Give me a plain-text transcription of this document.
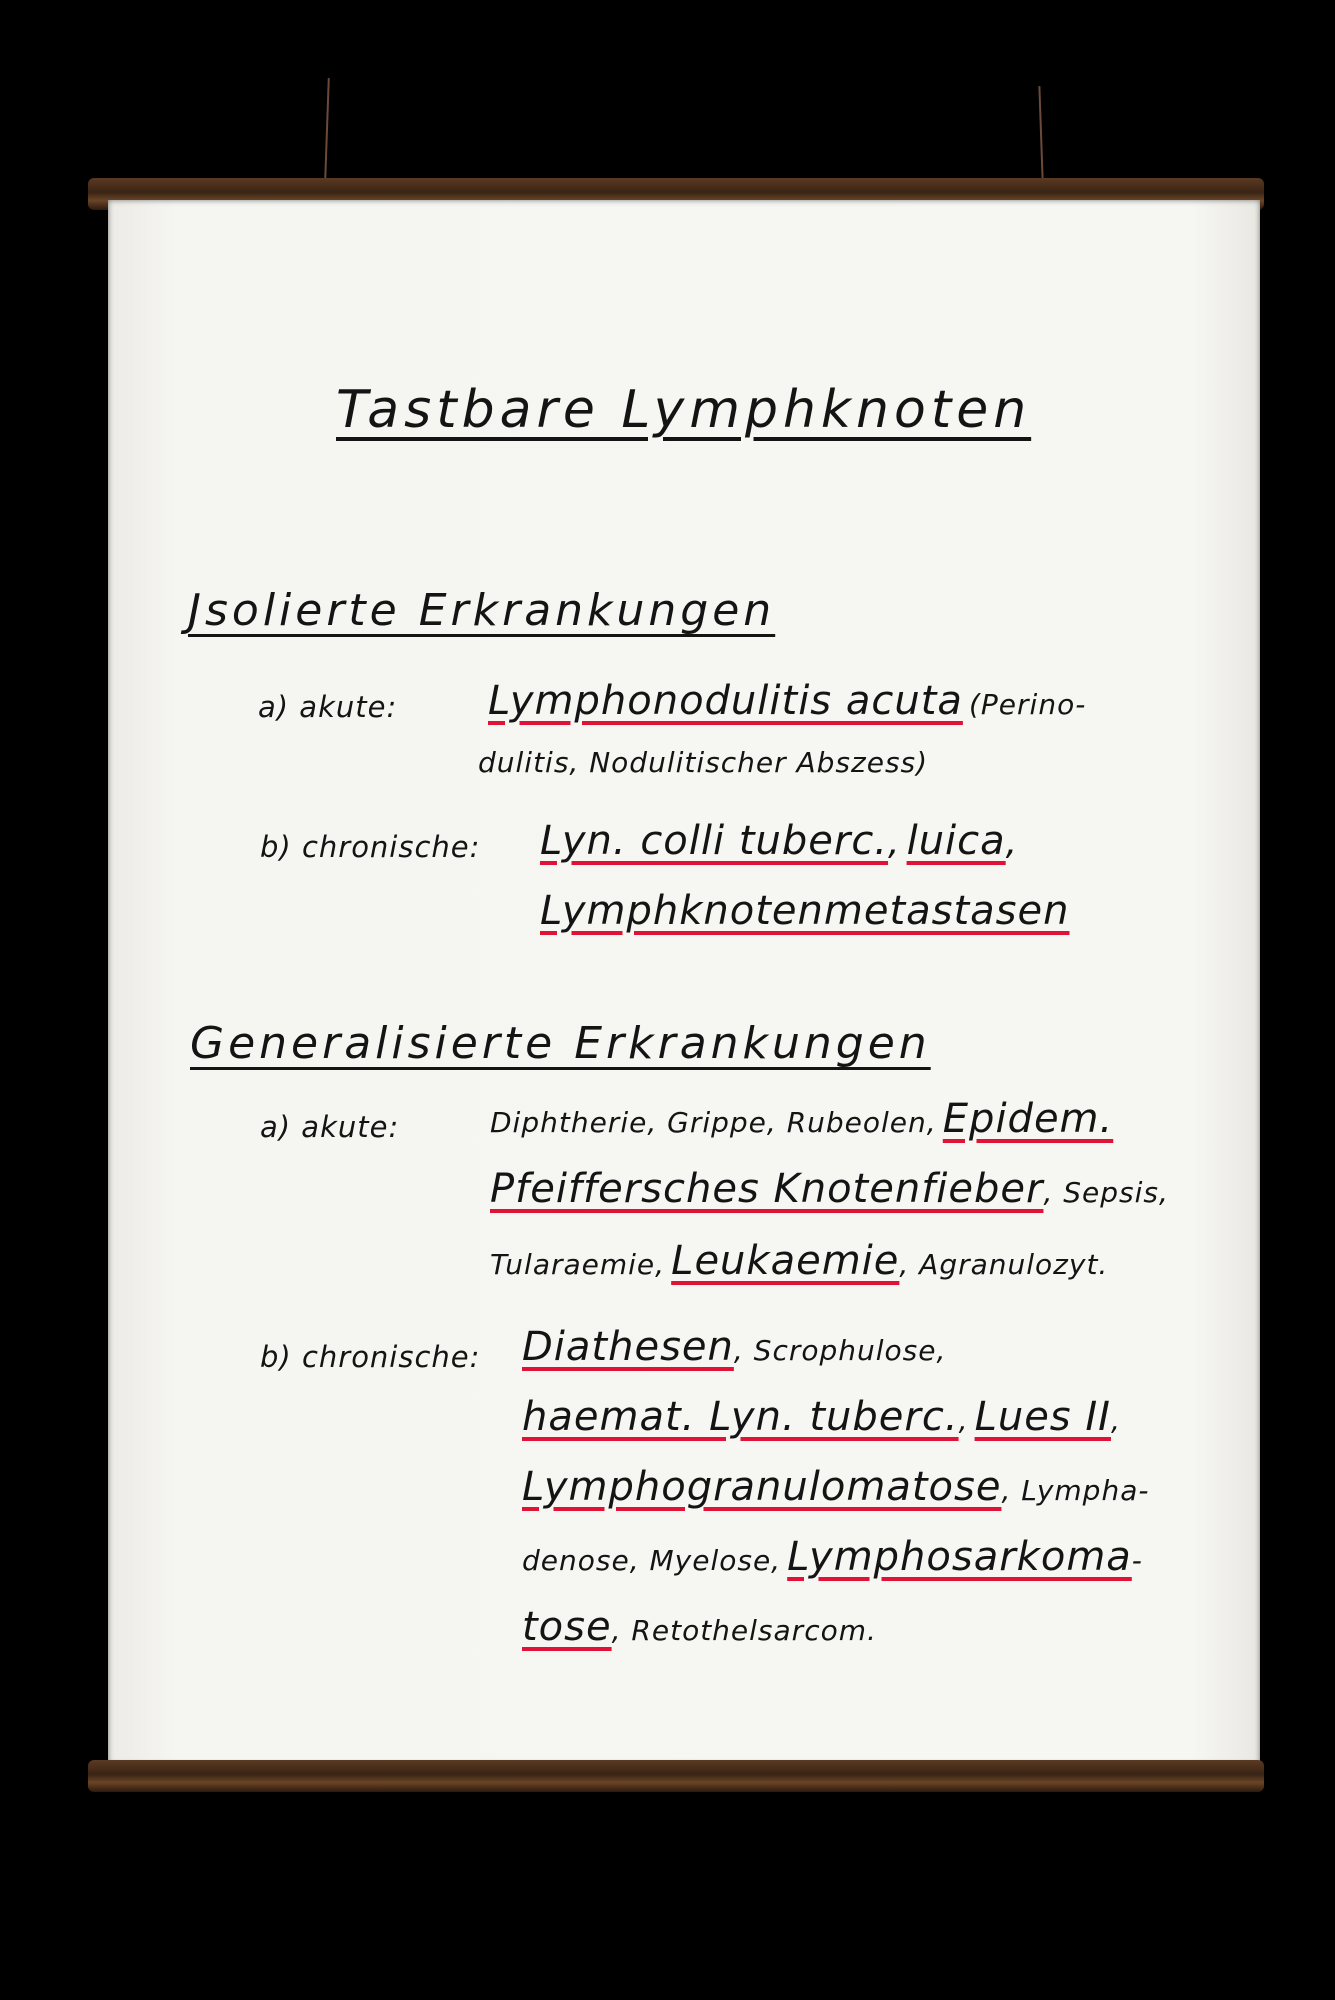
Tastbare Lymphknoten
Jsolierte Erkrankungen
a) akute: Lymphonodulitis acuta (Perino-
dulitis, Nodulitischer Abszess)
b) chronische: Lyn. colli tuberc., luica,
Lymphknotenmetastasen
Generalisierte Erkrankungen
a) akute:	Diphtherie, Grippe, Rubeolen, Epidem.
Pfeiffersches Knotenfieber, Sepsis,
Tularaemie, Leukaemie, Agranulozyt.
b) chronische: Diathesen, Scrophulose,
haemat. Lyn. tuberc., Lues II,
Lymphogranulomatose, Lympha-
denose, Myelose, Lymphosarkoma-
tose, Retothelsarcom.
